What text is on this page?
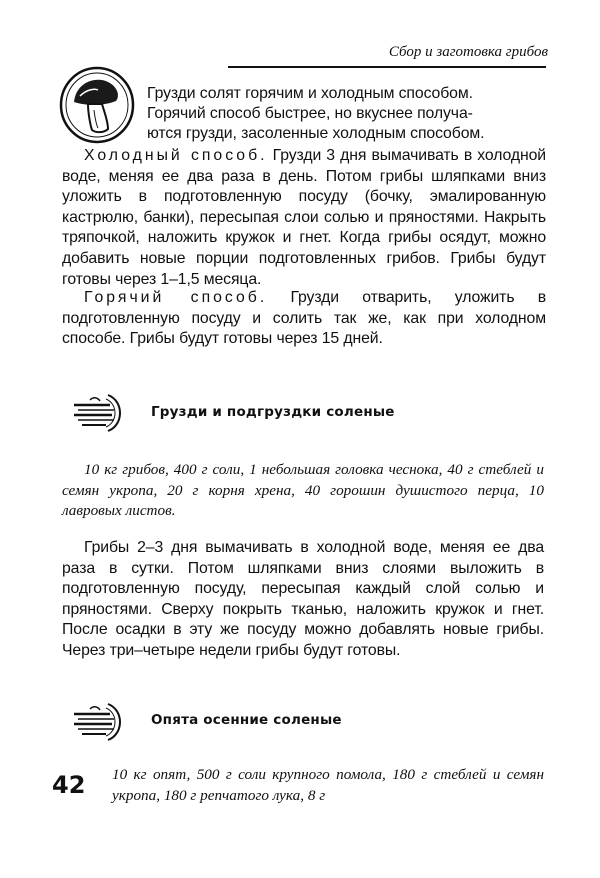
Сбор и заготовка грибов
Грузди солят горячим и холодным способом.
Горячий способ быстрее, но вкуснее получа-
ются грузди, засоленные холодным способом.

Холодный способ. Грузди 3 дня вымачивать в холодной воде, меняя ее два раза в день. Потом грибы шляпками вниз уложить в подготовленную посуду (бочку, эмалированную кастрюлю, банки), пересыпая слои солью и пряностями. Накрыть тряпочкой, наложить кружок и гнет. Когда грибы осядут, можно добавить новые порции подготовленных грибов. Грибы будут готовы через 1–1,5 месяца.

Горячий способ. Грузди отварить, уложить в подготовленную посуду и солить так же, как при холодном способе. Грибы будут готовы через 15 дней.

Грузди и подгруздки соленые

10 кг грибов, 400 г соли, 1 небольшая головка чеснока, 40 г стеблей и семян укропа, 20 г корня хрена, 40 горошин душистого перца, 10 лавровых листов.

Грибы 2–3 дня вымачивать в холодной воде, меняя ее два раза в сутки. Потом шляпками вниз слоями выложить в подготовленную посуду, пересыпая каждый слой солью и пряностями. Сверху покрыть тканью, наложить кружок и гнет. После осадки в эту же посуду можно добавлять новые грибы. Через три–четыре недели грибы будут готовы.

Опята осенние соленые

10 кг опят, 500 г соли крупного помола, 180 г стеблей и семян укропа, 180 г репчатого лука, 8 г

42
